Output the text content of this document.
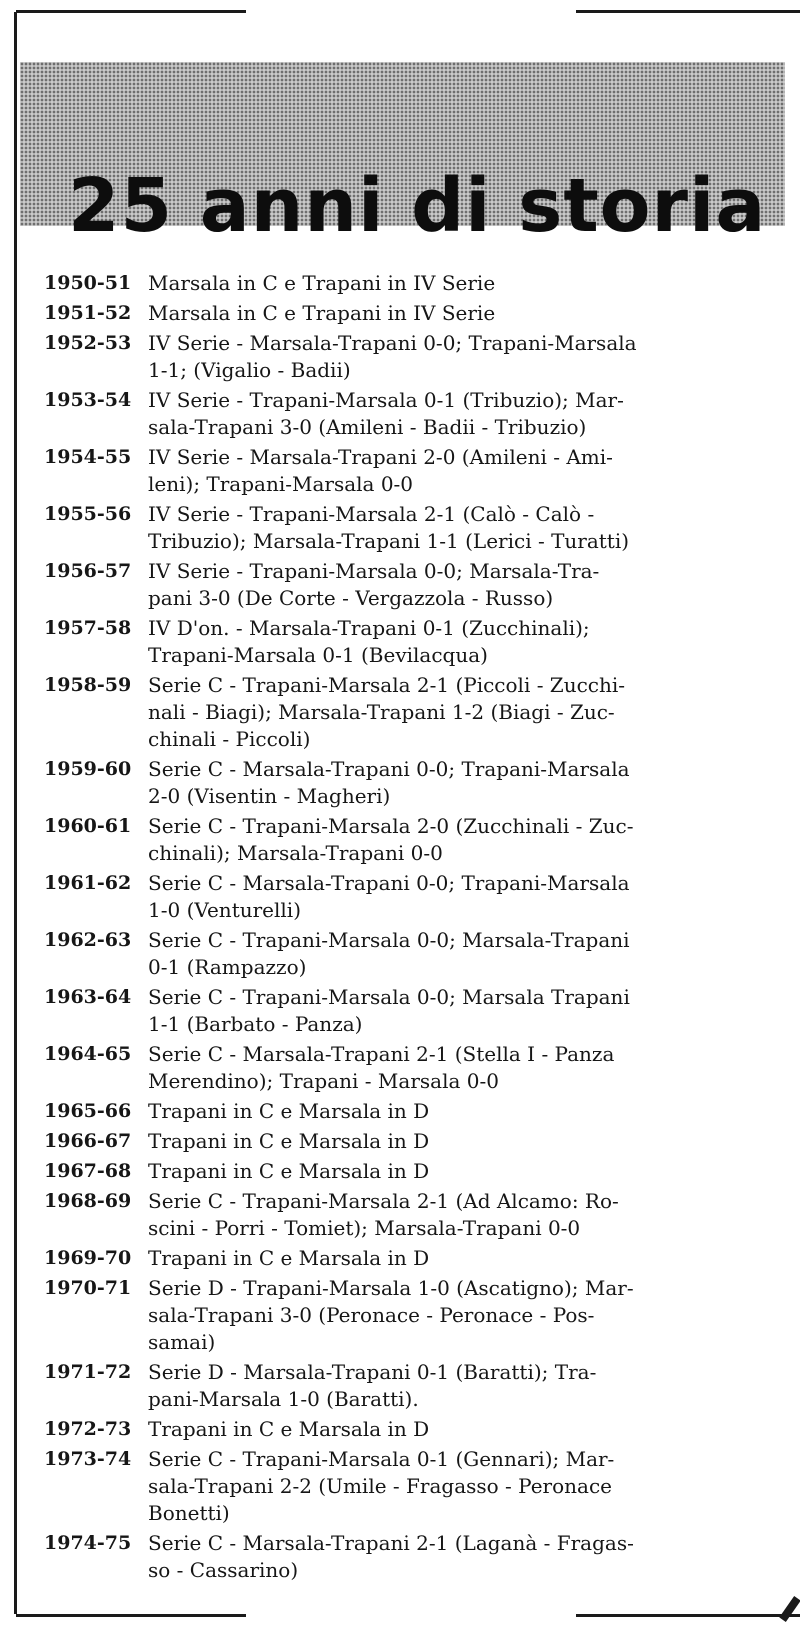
25 anni di storia
1950-51 Marsala in C e Trapani in IV Serie
1951-52 Marsala in C e Trapani in IV Serie
1952-53 IV Serie - Marsala-Trapani 0-0; Trapani-Marsala
1-1; (Vigalio - Badii)
1953-54 IV Serie - Trapani-Marsala 0-1 (Tribuzio); Mar-
sala-Trapani 3-0 (Amileni - Badii - Tribuzio)
1954-55 IV Serie - Marsala-Trapani 2-0 (Amileni - Ami-
leni); Trapani-Marsala 0-0
1955-56 IV Serie - Trapani-Marsala 2-1 (Calò - Calò -
Tribuzio); Marsala-Trapani 1-1 (Lerici - Turatti)
1956-57 IV Serie - Trapani-Marsala 0-0; Marsala-Tra-
pani 3-0 (De Corte - Vergazzola - Russo)
1957-58 IV D'on. - Marsala-Trapani 0-1 (Zucchinali);
Trapani-Marsala 0-1 (Bevilacqua)
1958-59 Serie C - Trapani-Marsala 2-1 (Piccoli - Zucchi-
nali - Biagi); Marsala-Trapani 1-2 (Biagi - Zuc-
chinali - Piccoli)
1959-60 Serie C - Marsala-Trapani 0-0; Trapani-Marsala
2-0 (Visentin - Magheri)
1960-61 Serie C - Trapani-Marsala 2-0 (Zucchinali - Zuc-
chinali); Marsala-Trapani 0-0
1961-62 Serie C - Marsala-Trapani 0-0; Trapani-Marsala
1-0 (Venturelli)
1962-63 Serie C - Trapani-Marsala 0-0; Marsala-Trapani
0-1 (Rampazzo)
1963-64 Serie C - Trapani-Marsala 0-0; Marsala Trapani
1-1 (Barbato - Panza)
1964-65 Serie C - Marsala-Trapani 2-1 (Stella I - Panza
Merendino); Trapani - Marsala 0-0
1965-66 Trapani in C e Marsala in D
1966-67 Trapani in C e Marsala in D
1967-68 Trapani in C e Marsala in D
1968-69 Serie C - Trapani-Marsala 2-1 (Ad Alcamo: Ro-
scini - Porri - Tomiet); Marsala-Trapani 0-0
1969-70 Trapani in C e Marsala in D
1970-71 Serie D - Trapani-Marsala 1-0 (Ascatigno); Mar-
sala-Trapani 3-0 (Peronace - Peronace - Pos-
samai)
1971-72 Serie D - Marsala-Trapani 0-1 (Baratti); Tra-
pani-Marsala 1-0 (Baratti).
1972-73 Trapani in C e Marsala in D
1973-74 Serie C - Trapani-Marsala 0-1 (Gennari); Mar-
sala-Trapani 2-2 (Umile - Fragasso - Peronace
Bonetti)
1974-75 Serie C - Marsala-Trapani 2-1 (Laganà - Fragas-
so - Cassarino)
